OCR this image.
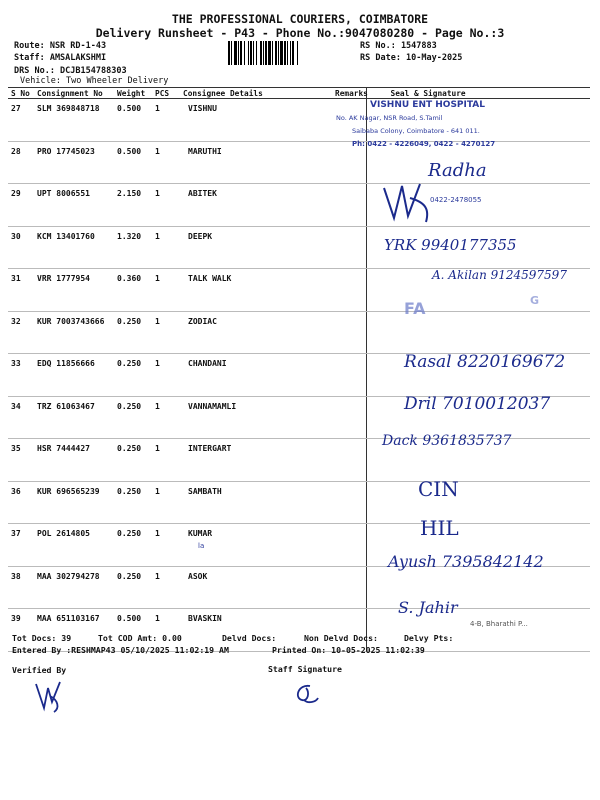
THE PROFESSIONAL COURIERS, COIMBATORE
Delivery Runsheet - P43 - Phone No.:9047080280 - Page No.:3
Route: NSR RD-1-43
Staff: AMSALAKSHMI
DRS No.: DCJB154788303
Vehicle: Two Wheeler Delivery
RS No.: 1547883
RS Date: 10-May-2025
S No	Consignment No	Weight	PCS	Consignee Details	Remarks	Seal & Signature
27	SLM 369848718	0.500	1	VISHNU		
28	PRO 17745023	0.500	1	MARUTHI		
29	UPT 8006551	2.150	1	ABITEK		
30	KCM 13401760	1.320	1	DEEPK		
31	VRR 1777954	0.360	1	TALK WALK		
32	KUR 7003743666	0.250	1	ZODIAC		
33	EDQ 11856666	0.250	1	CHANDANI		
34	TRZ 61063467	0.250	1	VANNAMAMLI		
35	HSR 7444427	0.250	1	INTERGART		
36	KUR 696565239	0.250	1	SAMBATH		
37	POL 2614805	0.250	1	KUMAR		
38	MAA 302794278	0.250	1	ASOK		
39	MAA 651103167	0.500	1	BVASKIN		
VISHNU ENT HOSPITAL
No. AK Nagar, NSR Road, S.Tamil
Saibaba Colony, Coimbatore - 641 011.
Ph: 0422 - 4226049, 0422 - 4270127
Radha
0422-2478055
YRK 9940177355
A. Akilan 9124597597
FA	G
Rasal 8220169672
Dril 7010012037
Dack 9361835737
CIN
HIL
la
Ayush 7395842142
S. Jahir
4-B, Bharathi P...
Tot Docs: 39	Tot COD Amt: 0.00	Delvd Docs:	Non Delvd Docs:	Delvy Pts:
Entered By :RESHMAP43 05/10/2025 11:02:19 AM	Printed On: 10-05-2025 11:02:39
Verified By	Staff Signature
